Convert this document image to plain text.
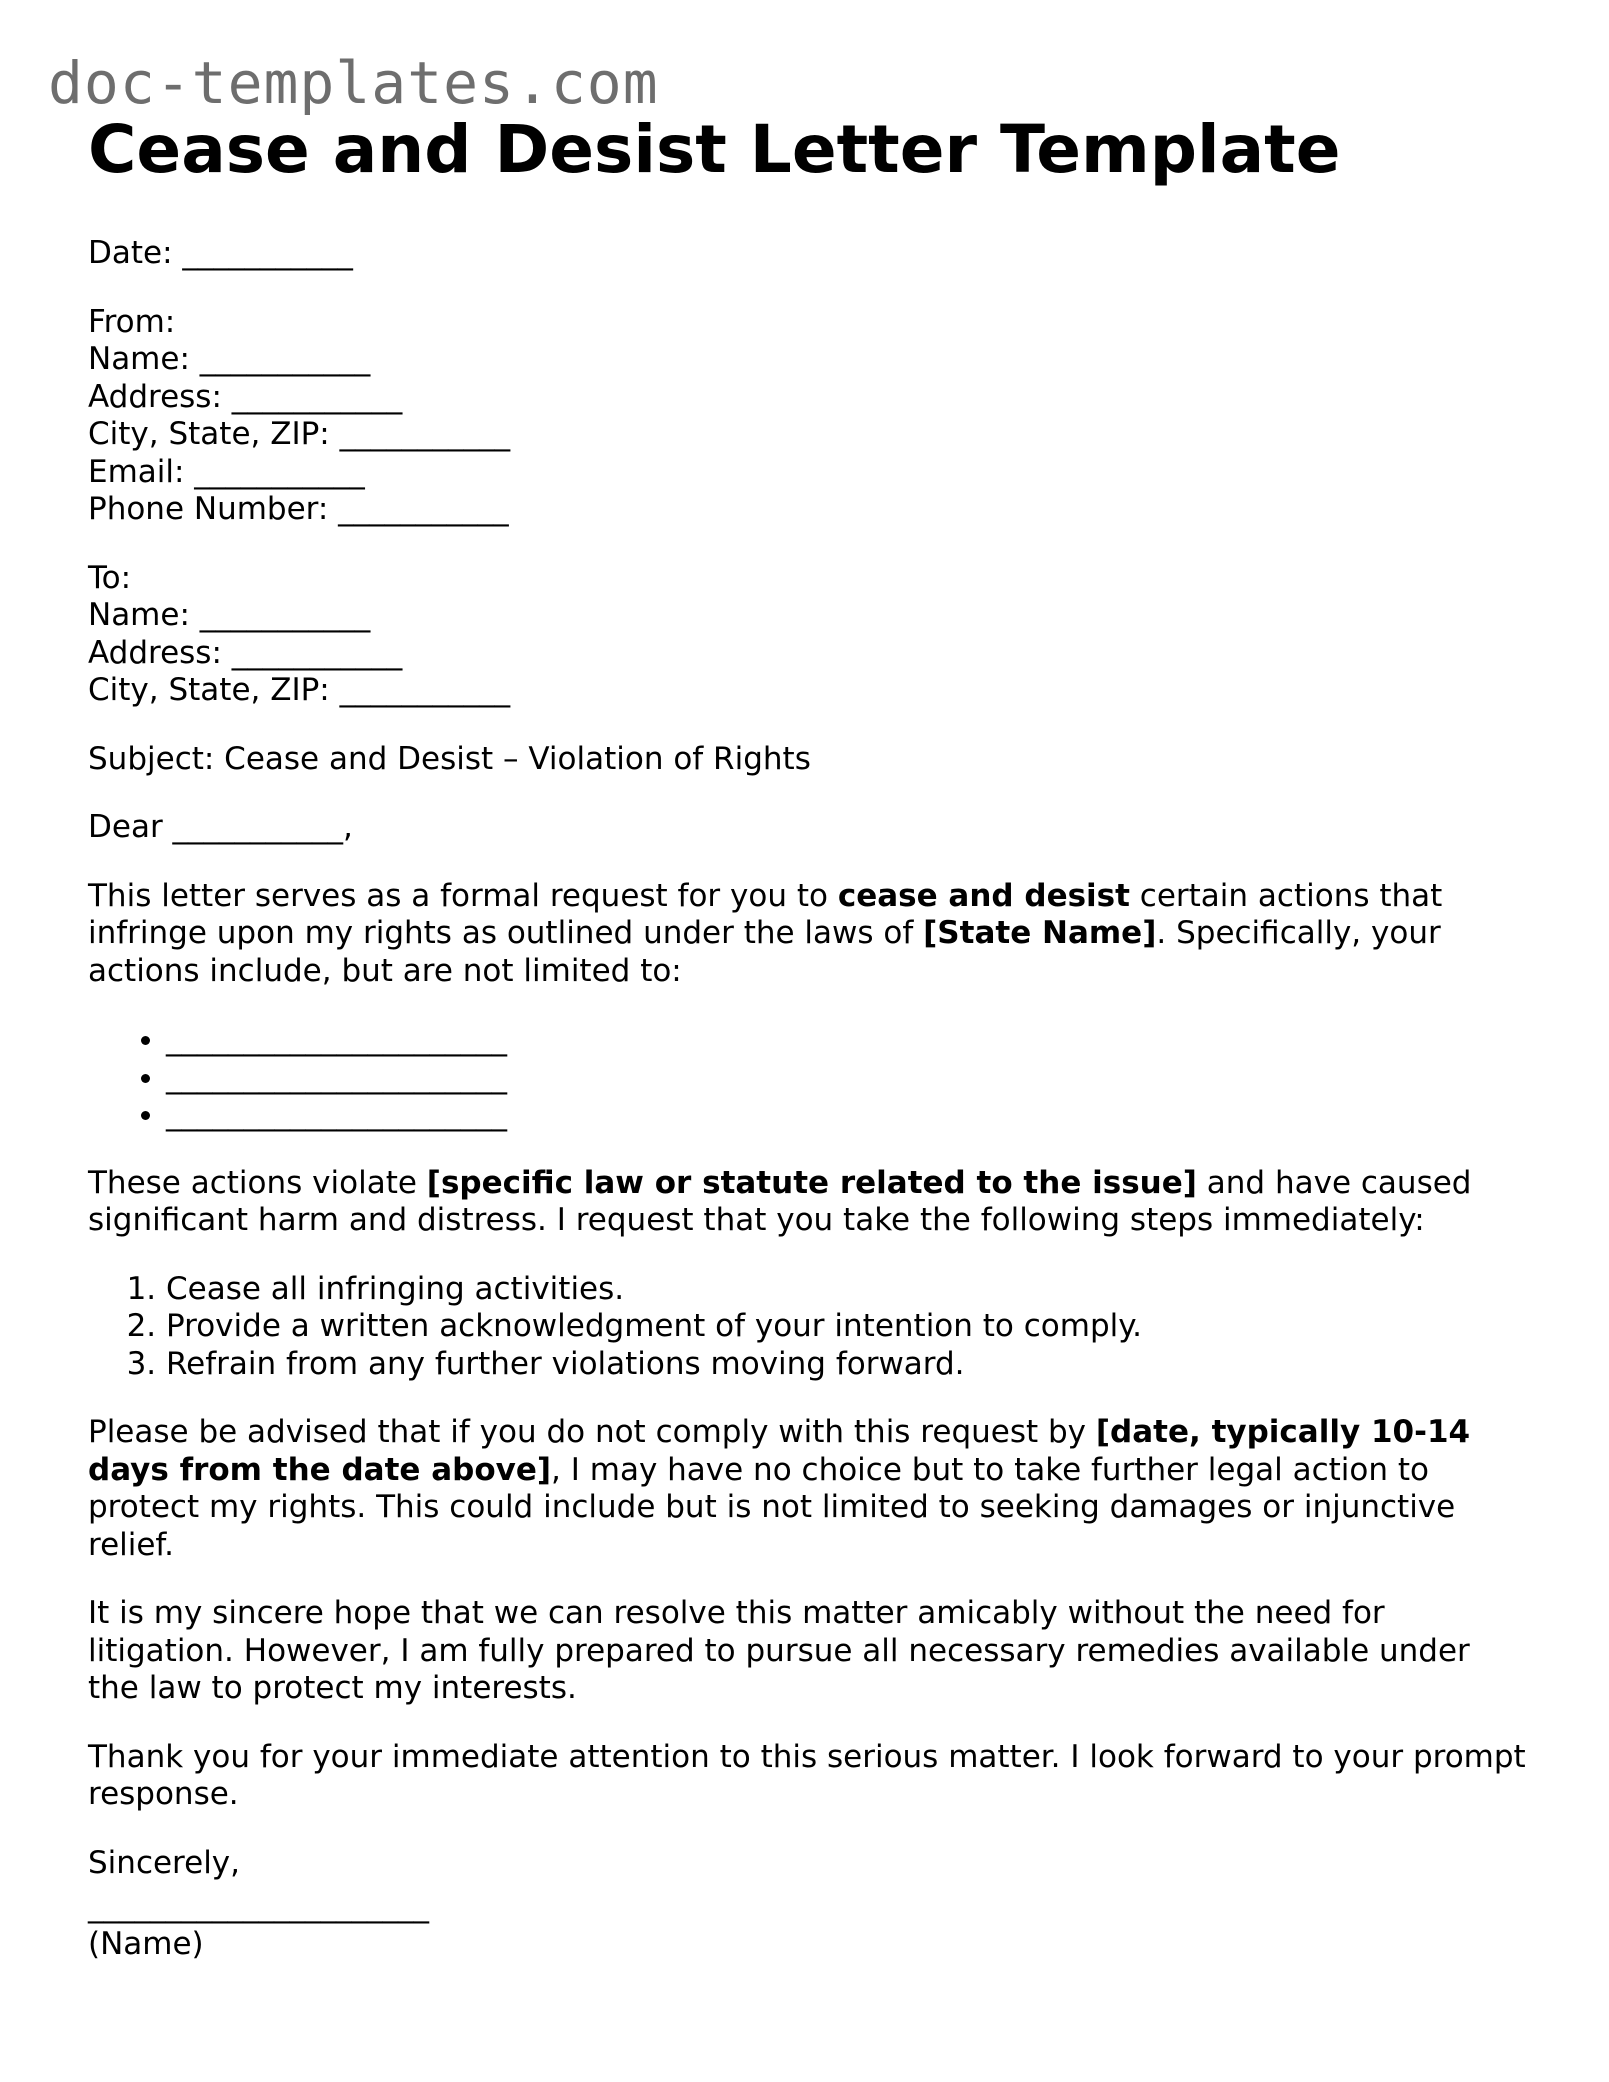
doc-templates.com
Cease and Desist Letter Template

Date: ___________

From:
Name: ___________
Address: ___________
City, State, ZIP: ___________
Email: ___________
Phone Number: ___________

To:
Name: ___________
Address: ___________
City, State, ZIP: ___________

Subject: Cease and Desist – Violation of Rights

Dear ___________,

This letter serves as a formal request for you to cease and desist certain actions that infringe upon my rights as outlined under the laws of [State Name]. Specifically, your actions include, but are not limited to:

• ______________________
• ______________________
• ______________________

These actions violate [specific law or statute related to the issue] and have caused significant harm and distress. I request that you take the following steps immediately:

1. Cease all infringing activities.
2. Provide a written acknowledgment of your intention to comply.
3. Refrain from any further violations moving forward.

Please be advised that if you do not comply with this request by [date, typically 10-14 days from the date above], I may have no choice but to take further legal action to protect my rights. This could include but is not limited to seeking damages or injunctive relief.

It is my sincere hope that we can resolve this matter amicably without the need for litigation. However, I am fully prepared to pursue all necessary remedies available under the law to protect my interests.

Thank you for your immediate attention to this serious matter. I look forward to your prompt response.

Sincerely,

______________________

(Name)
